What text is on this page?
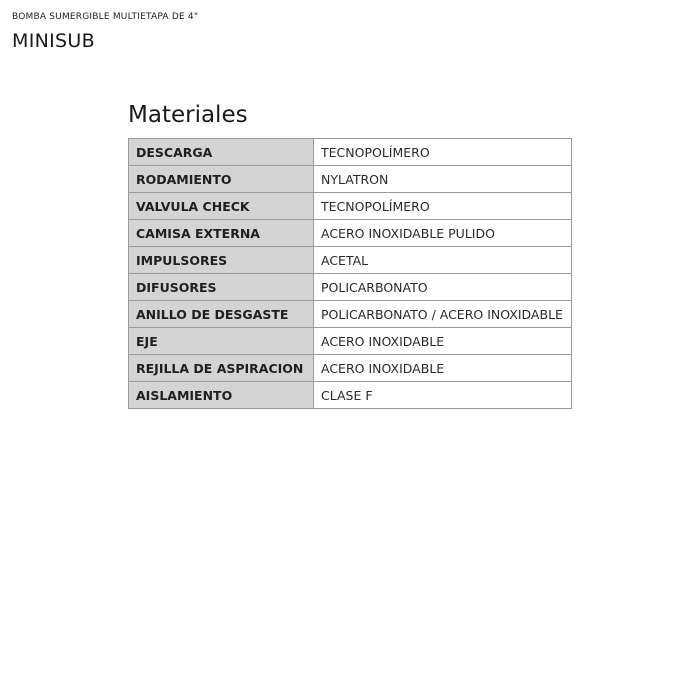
BOMBA SUMERGIBLE MULTIETAPA DE 4"
MINISUB
Materiales
DESCARGA	TECNOPOLÍMERO
RODAMIENTO	NYLATRON
VALVULA CHECK	TECNOPOLÍMERO
CAMISA EXTERNA	ACERO INOXIDABLE PULIDO
IMPULSORES	ACETAL
DIFUSORES	POLICARBONATO
ANILLO DE DESGASTE	POLICARBONATO / ACERO INOXIDABLE
EJE	ACERO INOXIDABLE
REJILLA DE ASPIRACION	ACERO INOXIDABLE
AISLAMIENTO	CLASE F
